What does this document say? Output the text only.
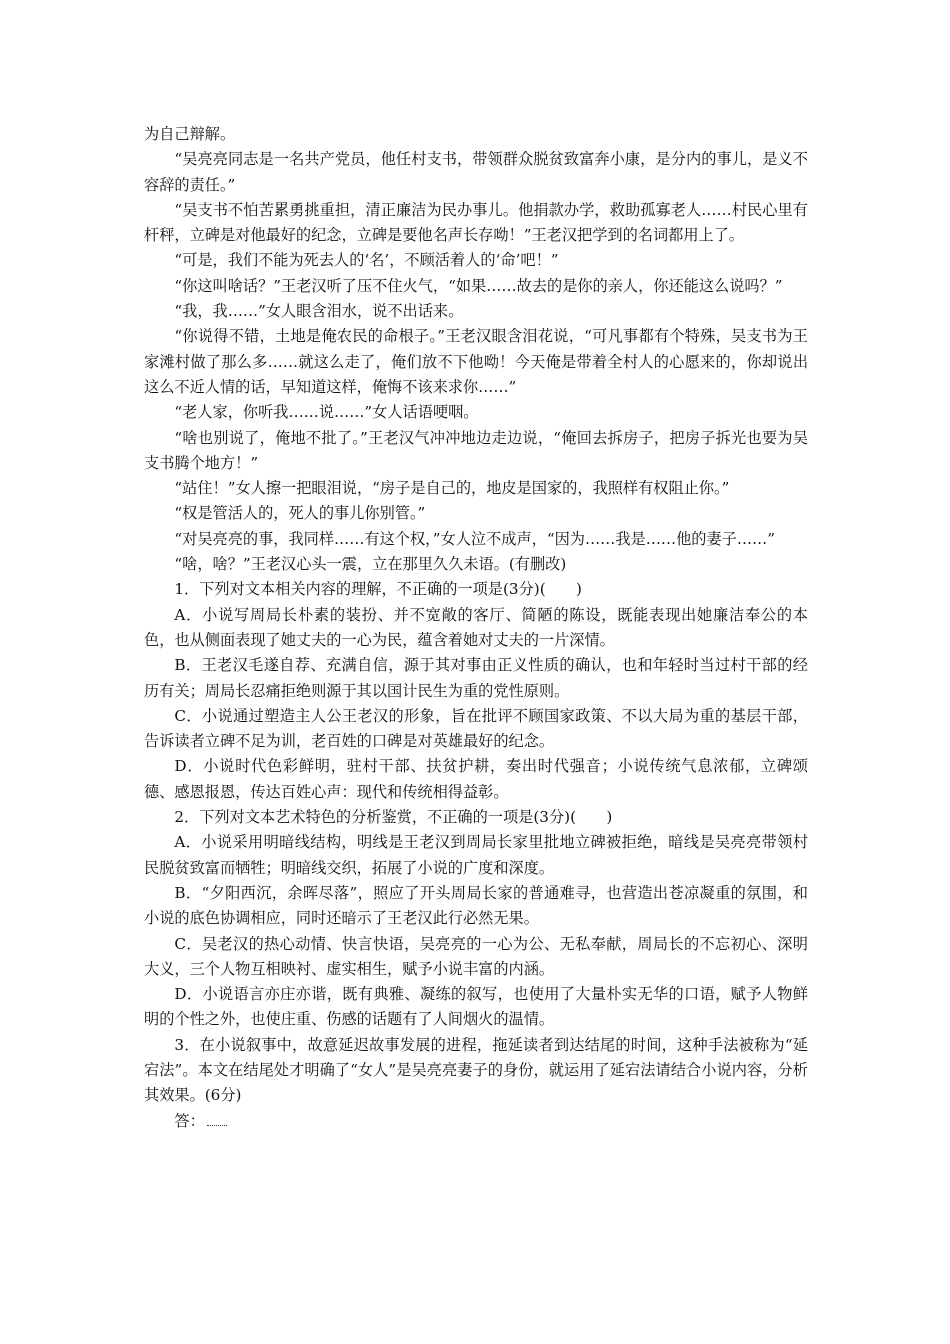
为自己辩解。

“吴亮亮同志是一名共产党员，他任村支书，带领群众脱贫致富奔小康，是分内的事儿，是义不容辞的责任。”

“吴支书不怕苦累勇挑重担，清正廉洁为民办事儿。他捐款办学，救助孤寡老人……村民心里有杆秤，立碑是对他最好的纪念，立碑是要他名声长存呦！”王老汉把学到的名词都用上了。

“可是，我们不能为死去人的‘名’，不顾活着人的‘命’吧！”

“你这叫啥话？”王老汉听了压不住火气，“如果……故去的是你的亲人，你还能这么说吗？”

“我，我……”女人眼含泪水，说不出话来。

“你说得不错，土地是俺农民的命根子。”王老汉眼含泪花说，“可凡事都有个特殊，吴支书为王家滩村做了那么多……就这么走了，俺们放不下他呦！今天俺是带着全村人的心愿来的，你却说出这么不近人情的话，早知道这样，俺悔不该来求你……”

“老人家，你听我……说……”女人话语哽咽。

“啥也别说了，俺地不批了。”王老汉气冲冲地边走边说，“俺回去拆房子，把房子拆光也要为吴支书腾个地方！”

“站住！”女人擦一把眼泪说，“房子是自己的，地皮是国家的，我照样有权阻止你。”

“权是管活人的，死人的事儿你别管。”

“对吴亮亮的事，我同样……有这个权，”女人泣不成声，“因为……我是……他的妻子……”

“啥，啥？”王老汉心头一震，立在那里久久未语。(有删改)

1．下列对文本相关内容的理解，不正确的一项是(3分)(　　)

A．小说写周局长朴素的装扮、并不宽敞的客厅、简陋的陈设，既能表现出她廉洁奉公的本色，也从侧面表现了她丈夫的一心为民，蕴含着她对丈夫的一片深情。

B．王老汉毛遂自荐、充满自信，源于其对事由正义性质的确认，也和年轻时当过村干部的经历有关；周局长忍痛拒绝则源于其以国计民生为重的党性原则。

C．小说通过塑造主人公王老汉的形象，旨在批评不顾国家政策、不以大局为重的基层干部，告诉读者立碑不足为训，老百姓的口碑是对英雄最好的纪念。

D．小说时代色彩鲜明，驻村干部、扶贫护耕，奏出时代强音；小说传统气息浓郁，立碑颂德、感恩报恩，传达百姓心声：现代和传统相得益彰。

2．下列对文本艺术特色的分析鉴赏，不正确的一项是(3分)(　　)

A．小说采用明暗线结构，明线是王老汉到周局长家里批地立碑被拒绝，暗线是吴亮亮带领村民脱贫致富而牺牲；明暗线交织，拓展了小说的广度和深度。

B．“夕阳西沉，余晖尽落”，照应了开头周局长家的普通难寻，也营造出苍凉凝重的氛围，和小说的底色协调相应，同时还暗示了王老汉此行必然无果。

C．吴老汉的热心动情、快言快语，吴亮亮的一心为公、无私奉献，周局长的不忘初心、深明大义，三个人物互相映衬、虚实相生，赋予小说丰富的内涵。

D．小说语言亦庄亦谐，既有典雅、凝练的叙写，也使用了大量朴实无华的口语，赋予人物鲜明的个性之外，也使庄重、伤感的话题有了人间烟火的温情。

3．在小说叙事中，故意延迟故事发展的进程，拖延读者到达结尾的时间，这种手法被称为“延宕法”。本文在结尾处才明确了“女人”是吴亮亮妻子的身份，就运用了延宕法请结合小说内容，分析其效果。(6分)

答：
